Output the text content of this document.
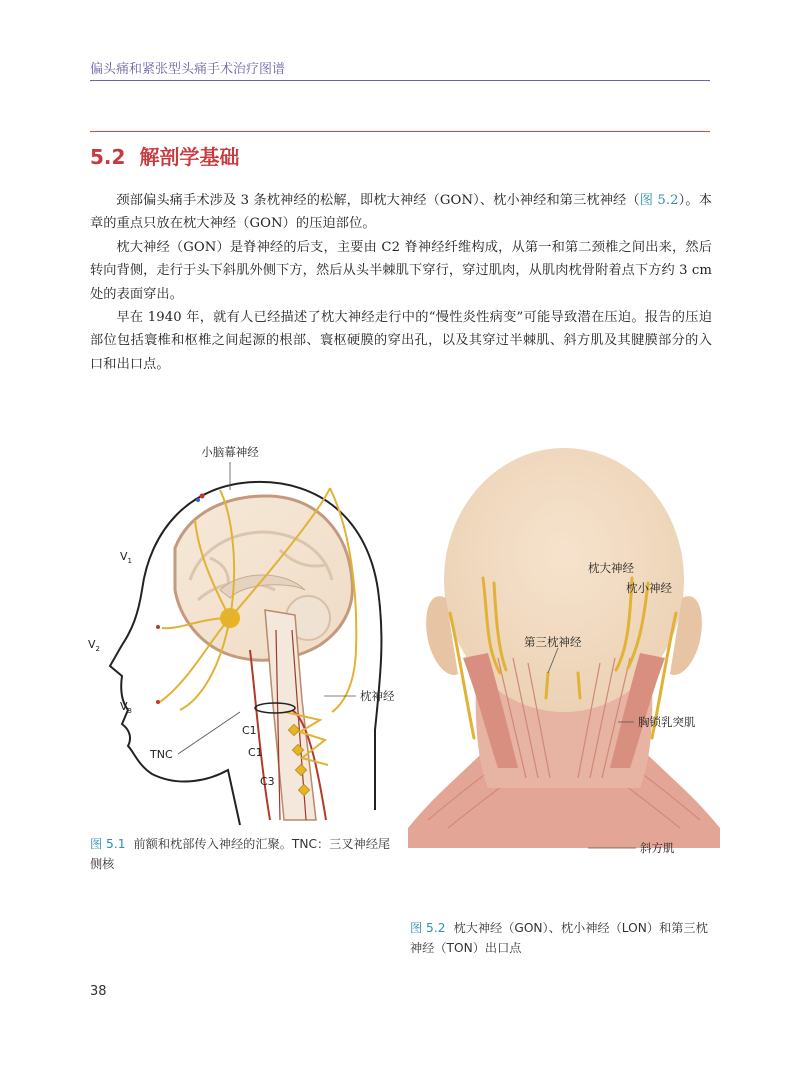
偏头痛和紧张型头痛手术治疗图谱
5.2 解剖学基础

颈部偏头痛手术涉及 3 条枕神经的松解，即枕大神经（GON）、枕小神经和第三枕神经（图 5.2）。本章的重点只放在枕大神经（GON）的压迫部位。

枕大神经（GON）是脊神经的后支，主要由 C2 脊神经纤维构成，从第一和第二颈椎之间出来，然后转向背侧，走行于头下斜肌外侧下方，然后从头半棘肌下穿行，穿过肌肉，从肌肉枕骨附着点下方约 3 cm 处的表面穿出。

早在 1940 年，就有人已经描述了枕大神经走行中的“慢性炎性病变”可能导致潜在压迫。报告的压迫部位包括寰椎和枢椎之间起源的根部、寰枢硬膜的穿出孔，以及其穿过半棘肌、斜方肌及其腱膜部分的入口和出口点。

小脑幕神经
$V_1$
$V_2$
$V_3$
枕神经
C1
TNC	C1
C3
图 5.1 前额和枕部传入神经的汇聚。TNC：三叉神经尾侧核
枕大神经
枕小神经
第三枕神经
胸锁乳突肌
斜方肌
图 5.2 枕大神经（GON）、枕小神经（LON）和第三枕神经（TON）出口点
38
